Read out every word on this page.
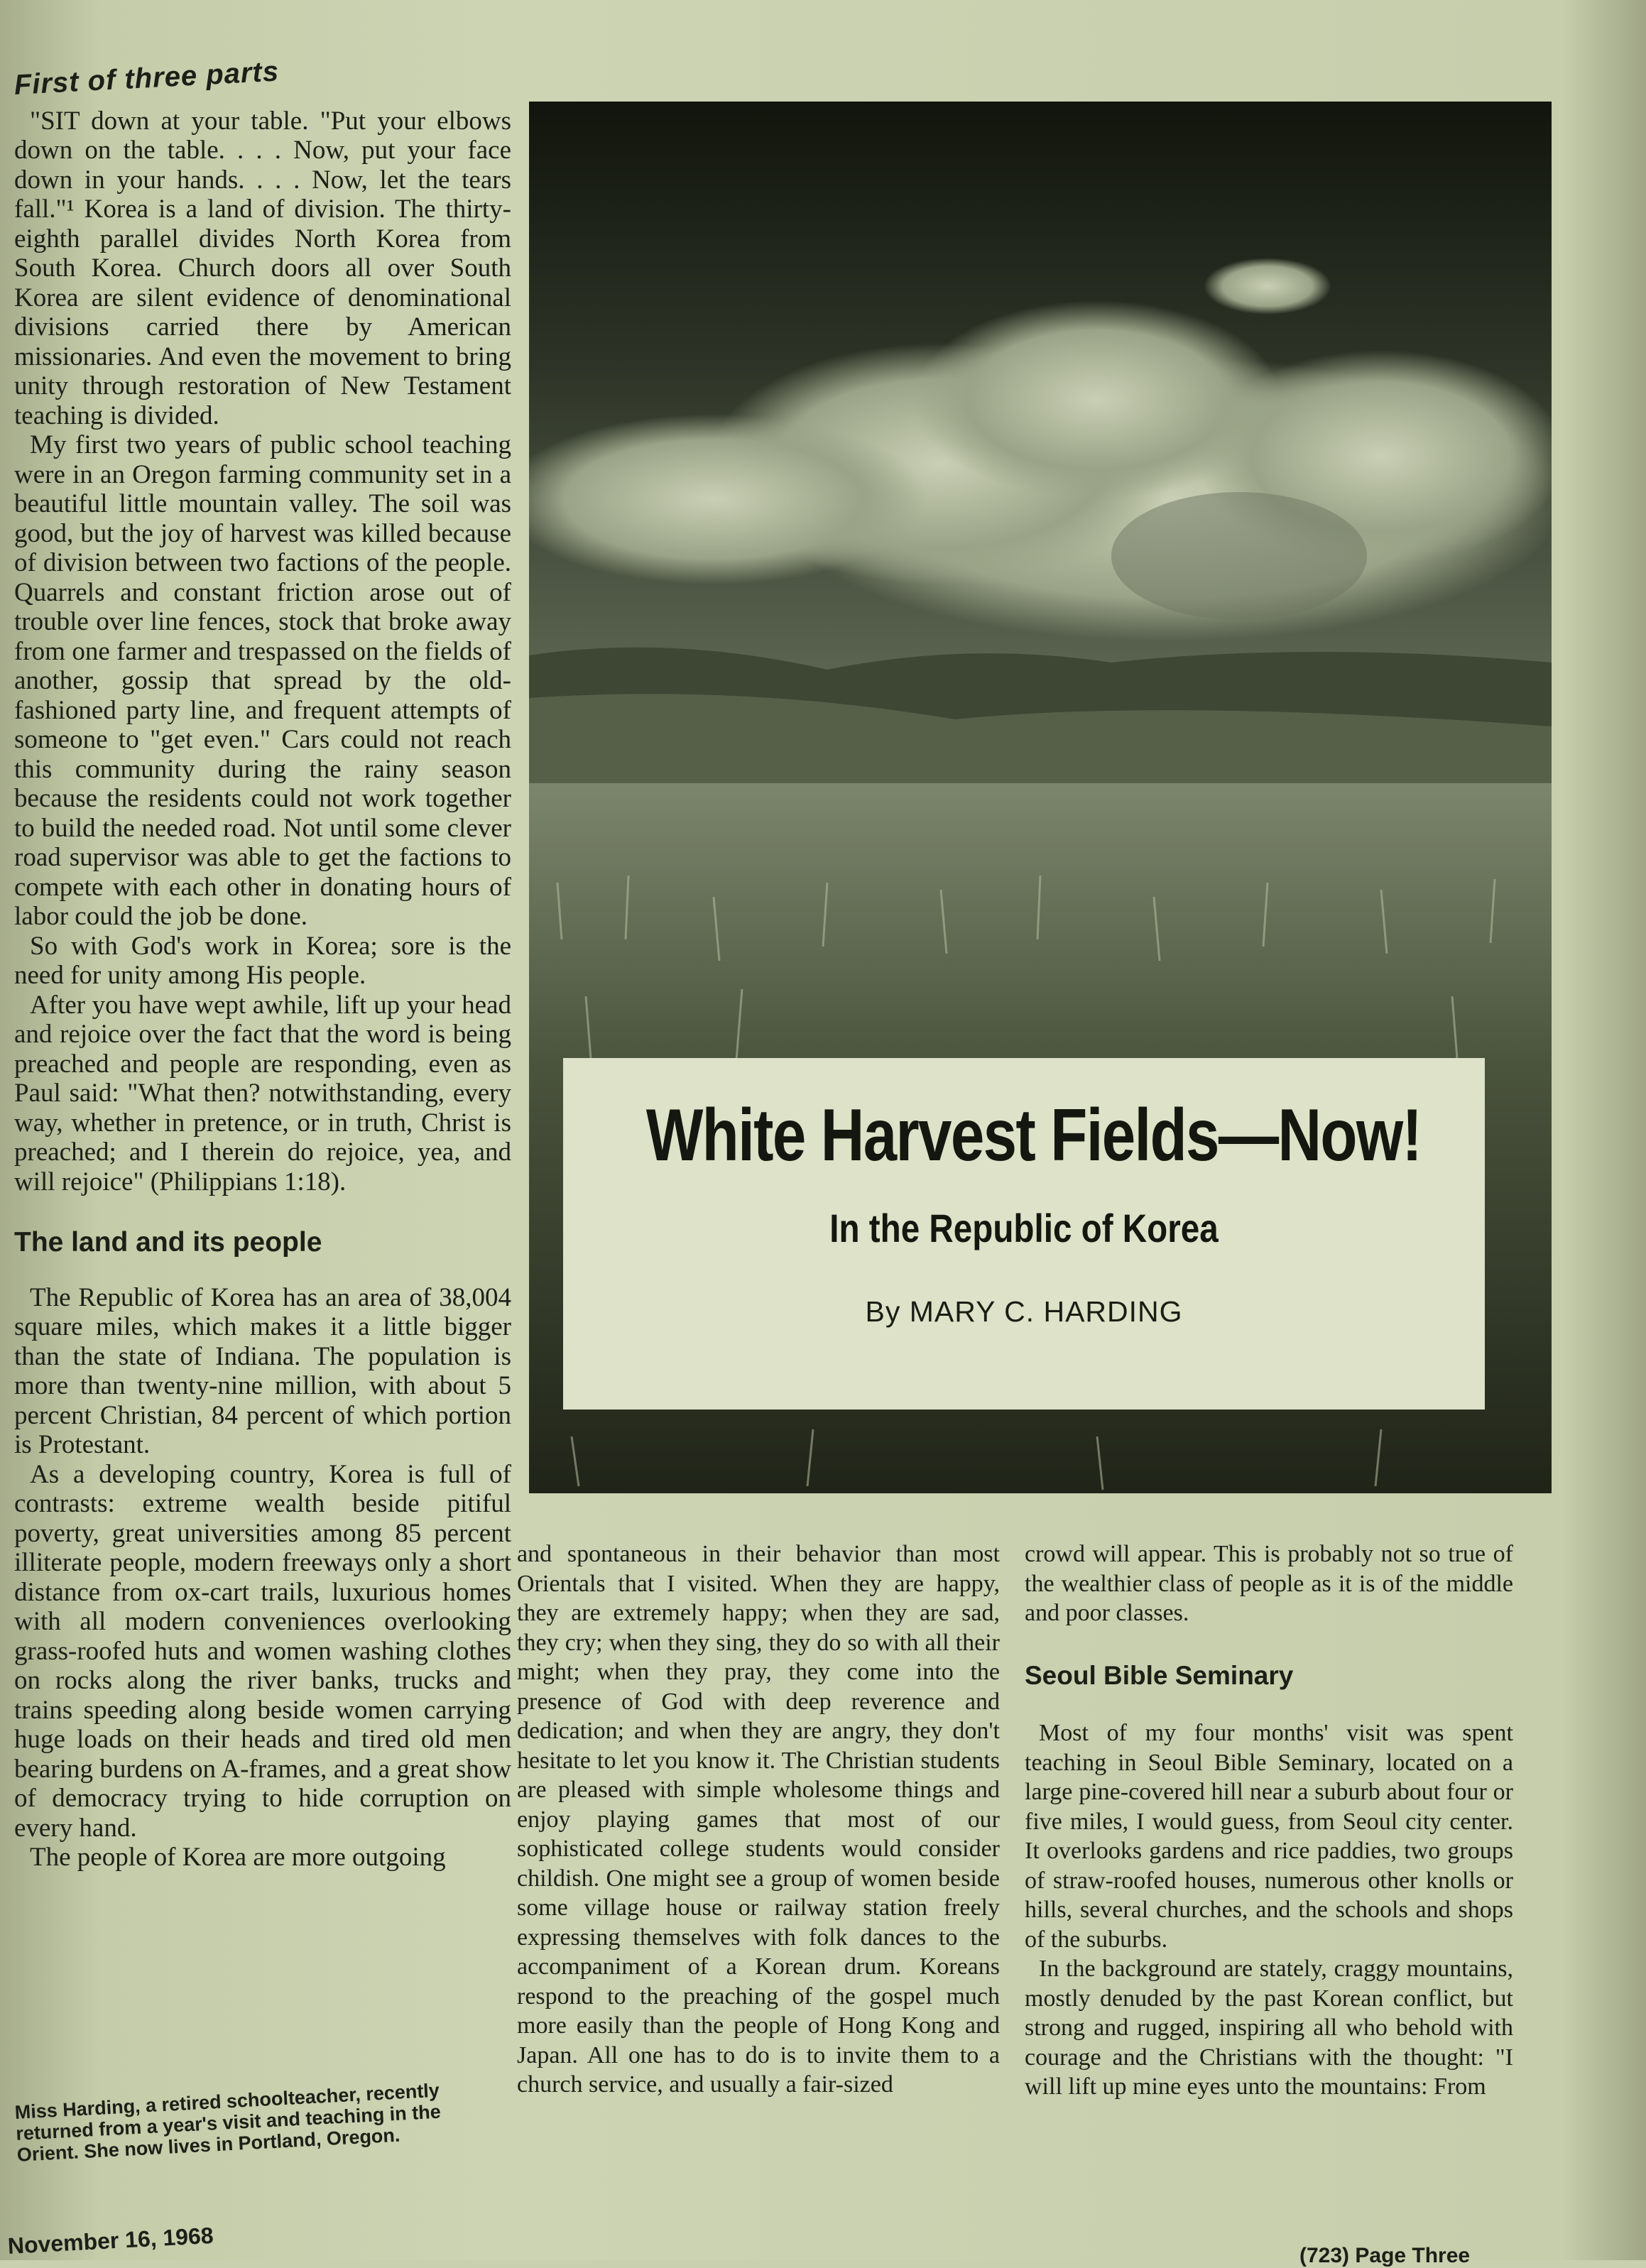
First of three parts

"SIT down at your table. "Put your elbows down on the table. . . . Now, put your face down in your hands. . . . Now, let the tears fall."¹ Korea is a land of division. The thirty-eighth parallel divides North Korea from South Korea. Church doors all over South Korea are silent evidence of denominational divisions carried there by American missionaries. And even the movement to bring unity through restoration of New Testament teaching is divided.

My first two years of public school teaching were in an Oregon farming community set in a beautiful little mountain valley. The soil was good, but the joy of harvest was killed because of division between two factions of the people. Quarrels and constant friction arose out of trouble over line fences, stock that broke away from one farmer and trespassed on the fields of another, gossip that spread by the old-fashioned party line, and frequent attempts of someone to "get even." Cars could not reach this community during the rainy season because the residents could not work together to build the needed road. Not until some clever road supervisor was able to get the factions to compete with each other in donating hours of labor could the job be done.

So with God's work in Korea; sore is the need for unity among His people.

After you have wept awhile, lift up your head and rejoice over the fact that the word is being preached and people are responding, even as Paul said: "What then? notwithstanding, every way, whether in pretence, or in truth, Christ is preached; and I therein do rejoice, yea, and will rejoice" (Philippians 1:18).

The land and its people

The Republic of Korea has an area of 38,004 square miles, which makes it a little bigger than the state of Indiana. The population is more than twenty-nine million, with about 5 percent Christian, 84 percent of which portion is Protestant.

As a developing country, Korea is full of contrasts: extreme wealth beside pitiful poverty, great universities among 85 percent illiterate people, modern freeways only a short distance from ox-cart trails, luxurious homes with all modern conveniences overlooking grass-roofed huts and women washing clothes on rocks along the river banks, trucks and trains speeding along beside women carrying huge loads on their heads and tired old men bearing burdens on A-frames, and a great show of democracy trying to hide corruption on every hand.

The people of Korea are more outgoing

Miss Harding, a retired schoolteacher, recently returned from a year's visit and teaching in the Orient. She now lives in Portland, Oregon.
White Harvest Fields—Now!
In the Republic of Korea
By MARY C. HARDING

and spontaneous in their behavior than most Orientals that I visited. When they are happy, they are extremely happy; when they are sad, they cry; when they sing, they do so with all their might; when they pray, they come into the presence of God with deep reverence and dedication; and when they are angry, they don't hesitate to let you know it. The Christian students are pleased with simple wholesome things and enjoy playing games that most of our sophisticated college students would consider childish. One might see a group of women beside some village house or railway station freely expressing themselves with folk dances to the accompaniment of a Korean drum. Koreans respond to the preaching of the gospel much more easily than the people of Hong Kong and Japan. All one has to do is to invite them to a church service, and usually a fair-sized

crowd will appear. This is probably not so true of the wealthier class of people as it is of the middle and poor classes.

Seoul Bible Seminary

Most of my four months' visit was spent teaching in Seoul Bible Seminary, located on a large pine-covered hill near a suburb about four or five miles, I would guess, from Seoul city center. It overlooks gardens and rice paddies, two groups of straw-roofed houses, numerous other knolls or hills, several churches, and the schools and shops of the suburbs.

In the background are stately, craggy mountains, mostly denuded by the past Korean conflict, but strong and rugged, inspiring all who behold with courage and the Christians with the thought: "I will lift up mine eyes unto the mountains: From

November 16, 1968	(723) Page Three
